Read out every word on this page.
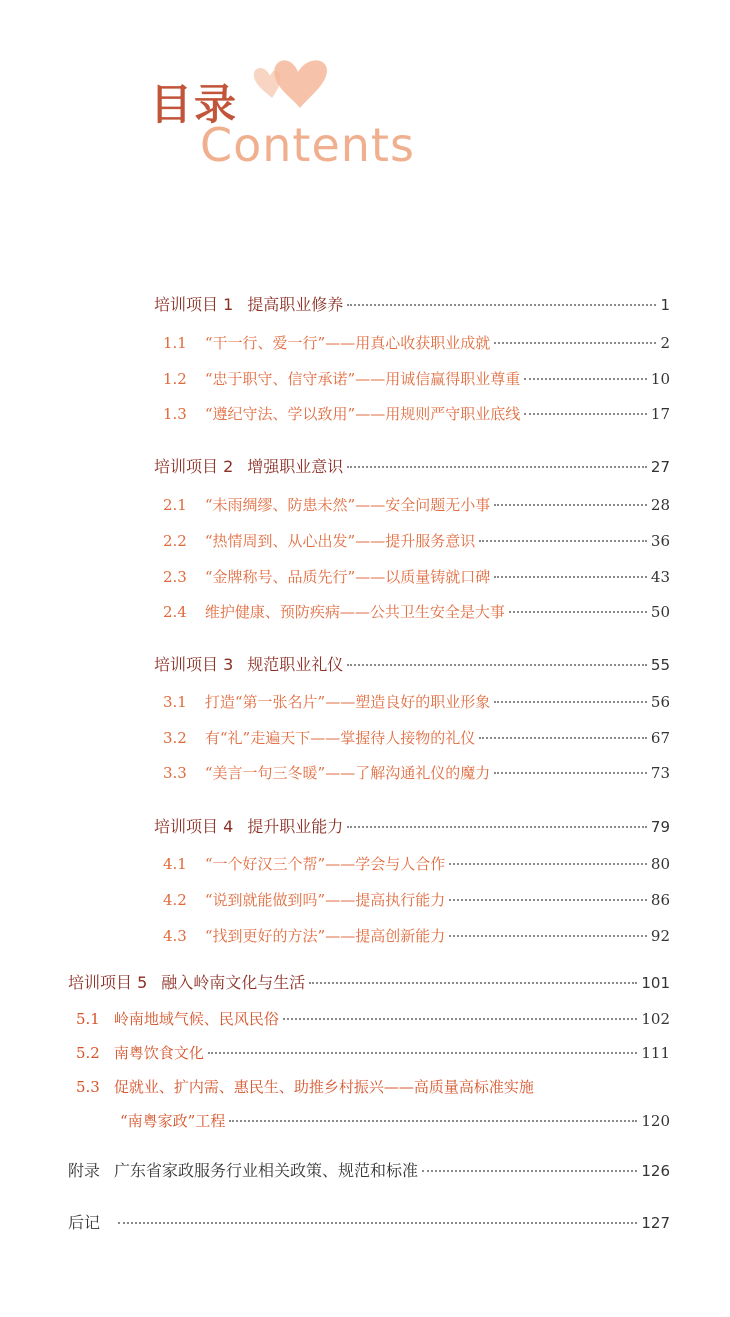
目录
Contents
培训项目 1 提高职业修养	1
1.1 “干一行、爱一行”——用真心收获职业成就	2
1.2 “忠于职守、信守承诺”——用诚信赢得职业尊重	10
1.3 “遵纪守法、学以致用”——用规则严守职业底线	17
培训项目 2 增强职业意识	27
2.1 “未雨绸缪、防患未然”——安全问题无小事	28
2.2 “热情周到、从心出发”——提升服务意识	36
2.3 “金牌称号、品质先行”——以质量铸就口碑	43
2.4 维护健康、预防疾病——公共卫生安全是大事	50
培训项目 3 规范职业礼仪	55
3.1 打造“第一张名片”——塑造良好的职业形象	56
3.2 有“礼”走遍天下——掌握待人接物的礼仪	67
3.3 “美言一句三冬暖”——了解沟通礼仪的魔力	73
培训项目 4 提升职业能力	79
4.1 “一个好汉三个帮”——学会与人合作	80
4.2 “说到就能做到吗”——提高执行能力	86
4.3 “找到更好的方法”——提高创新能力	92
培训项目 5 融入岭南文化与生活	101
5.1 岭南地域气候、民风民俗	102
5.2 南粤饮食文化	111
5.3 促就业、扩内需、惠民生、助推乡村振兴——高质量高标准实施
“南粤家政”工程	120
附录 广东省家政服务行业相关政策、规范和标准	126
后记	127
